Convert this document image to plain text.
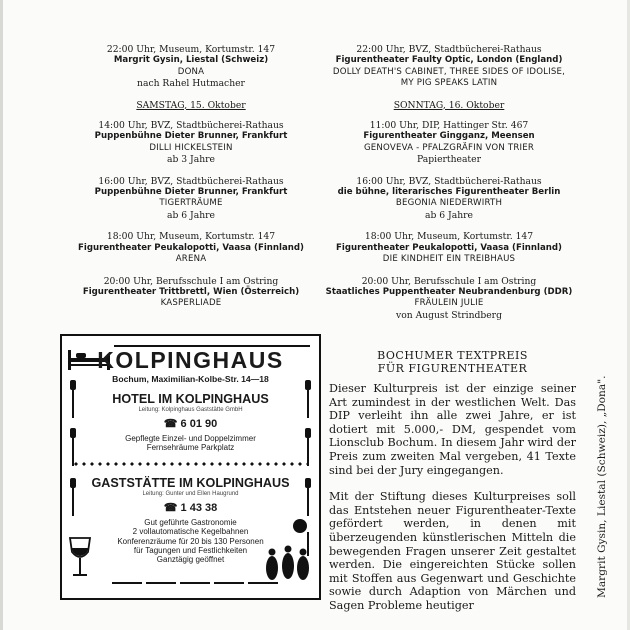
22:00 Uhr, Museum, Kortumstr. 147
Margrit Gysin, Liestal (Schweiz)
DONA
nach Rahel Hutmacher
SAMSTAG, 15. Oktober
14:00 Uhr, BVZ, Stadtbücherei-Rathaus
Puppenbühne Dieter Brunner, Frankfurt
DILLI HICKELSTEIN
ab 3 Jahre
16:00 Uhr, BVZ, Stadtbücherei-Rathaus
Puppenbühne Dieter Brunner, Frankfurt
TIGERTRÄUME
ab 6 Jahre
18:00 Uhr, Museum, Kortumstr. 147
Figurentheater Peukalopotti, Vaasa (Finnland)
ARENA
20:00 Uhr, Berufsschule I am Ostring
Figurentheater Trittbrettl, Wien (Österreich)
KASPERLIADE
22:00 Uhr, BVZ, Stadtbücherei-Rathaus
Figurentheater Faulty Optic, London (England)
DOLLY DEATH'S CABINET, THREE SIDES OF IDOLISE,
MY PIG SPEAKS LATIN
SONNTAG, 16. Oktober
11:00 Uhr, DIP, Hattinger Str. 467
Figurentheater Gingganz, Meensen
GENOVEVA - PFALZGRÄFIN VON TRIER
Papiertheater
16:00 Uhr, BVZ, Stadtbücherei-Rathaus
die bühne, literarisches Figurentheater Berlin
BEGONIA NIEDERWIRTH
ab 6 Jahre
18:00 Uhr, Museum, Kortumstr. 147
Figurentheater Peukalopotti, Vaasa (Finnland)
DIE KINDHEIT EIN TREIBHAUS
20:00 Uhr, Berufsschule I am Ostring
Staatliches Puppentheater Neubrandenburg (DDR)
FRÄULEIN JULIE
von August Strindberg
KOLPINGHAUS
Bochum, Maximilian-Kolbe-Str. 14—18
HOTEL IM KOLPINGHAUS
Leitung: Kolpinghaus Gaststätte GmbH
☎ 6 01 90
Gepflegte Einzel- und Doppelzimmer
Fernsehräume Parkplatz
GASTSTÄTTE IM KOLPINGHAUS
Leitung: Gunter und Ellen Haugrund
☎ 1 43 38
Gut geführte Gastronomie
2 vollautomatische Kegelbahnen
Konferenzräume für 20 bis 130 Personen
für Tagungen und Festlichkeiten
Ganztägig geöffnet
BOCHUMER TEXTPREIS
FÜR FIGURENTHEATER

Dieser Kulturpreis ist der einzige seiner Art zumindest in der westlichen Welt. Das DIP verleiht ihn alle zwei Jahre, er ist dotiert mit 5.000,- DM, gespendet vom Lionsclub Bochum. In diesem Jahr wird der Preis zum zweiten Mal vergeben, 41 Texte sind bei der Jury eingegangen.

Mit der Stiftung dieses Kulturpreises soll das Entstehen neuer Figurentheater-Texte gefördert werden, in denen mit überzeugenden künstlerischen Mitteln die bewegenden Fragen unserer Zeit gestaltet werden. Die eingereichten Stücke sollen mit Stoffen aus Gegenwart und Geschichte sowie durch Adaption von Märchen und Sagen Probleme heutiger

Margrit Gysin, Liestal (Schweiz), „Dona".
